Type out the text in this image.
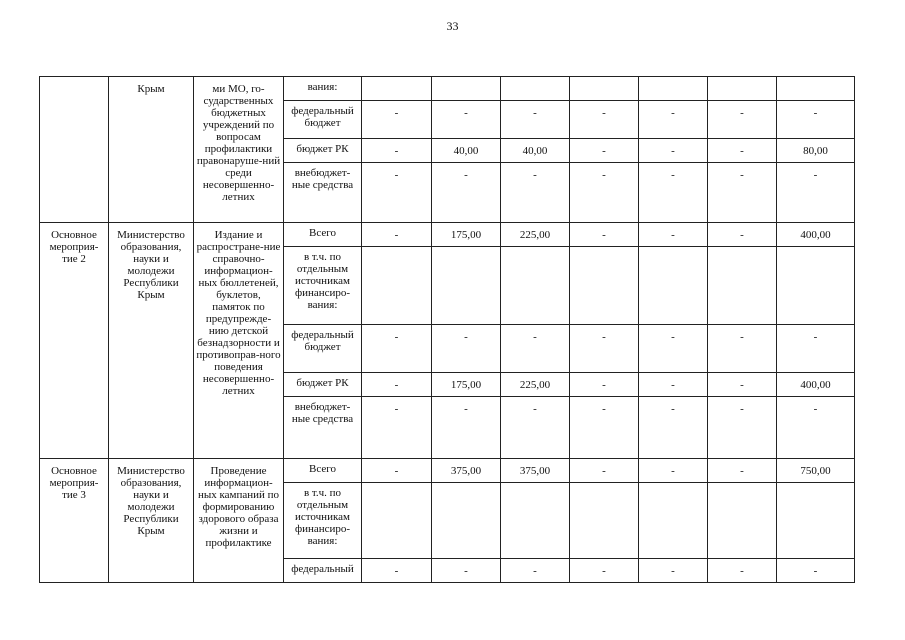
33
	Крым	ми МО, го-сударственных бюджетных учреждений по вопросам профилактики правонаруше-ний среди несовершенно-летних	вания:							
			федеральный бюджет	-	-	-	-	-	-	-
			бюджет РК	-	40,00	40,00	-	-	-	80,00
			внебюджет-ные средства	-	-	-	-	-	-	-
Основное мероприя-тие 2	Министерство образования, науки и молодежи Республики Крым	Издание и распростране-ние справочно-информацион-ных бюллетеней, буклетов, памяток по предупрежде-нию детской безнадзорности и противоправ-ного поведения несовершенно-летних	Всего	-	175,00	225,00	-	-	-	400,00
			в т.ч. по отдельным источникам финансиро-вания:							
			федеральный бюджет	-	-	-	-	-	-	-
			бюджет РК	-	175,00	225,00	-	-	-	400,00
			внебюджет-ные средства	-	-	-	-	-	-	-
Основное мероприя-тие 3	Министерство образования, науки и молодежи Республики Крым	Проведение информацион-ных кампаний по формированию здорового образа жизни и профилактике	Всего	-	375,00	375,00	-	-	-	750,00
			в т.ч. по отдельным источникам финансиро-вания:							
			федеральный	-	-	-	-	-	-	-
